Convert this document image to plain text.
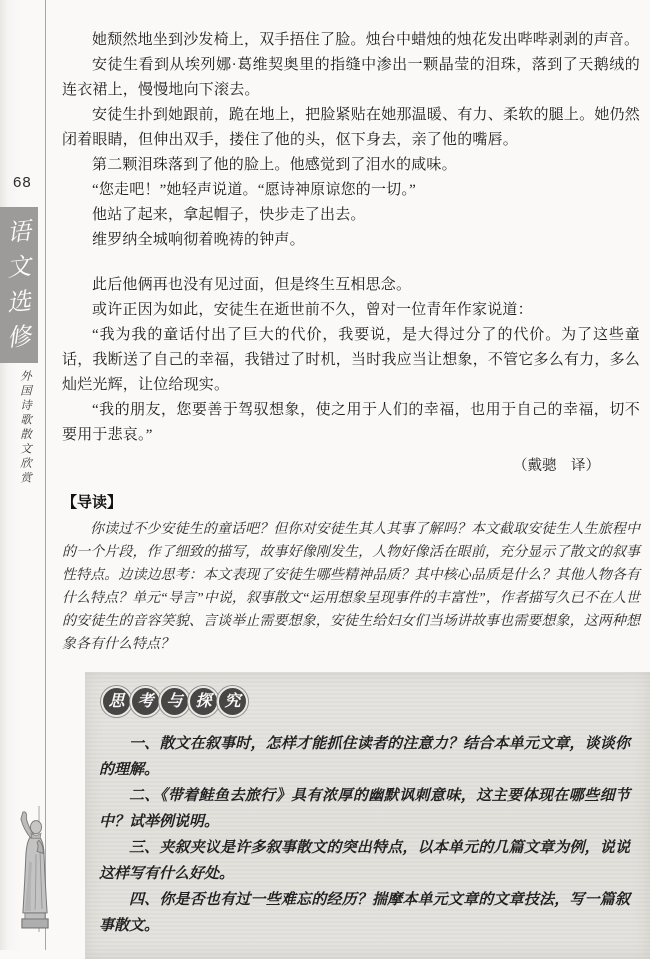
68
语
文
选
修
外国诗歌散文欣赏

她颓然地坐到沙发椅上，双手捂住了脸。烛台中蜡烛的烛花发出哔哔剥剥的声音。

安徒生看到从埃列娜·葛维契奥里的指缝中渗出一颗晶莹的泪珠，落到了天鹅绒的连衣裙上，慢慢地向下滚去。

安徒生扑到她跟前，跪在地上，把脸紧贴在她那温暖、有力、柔软的腿上。她仍然闭着眼睛，但伸出双手，搂住了他的头，伛下身去，亲了他的嘴唇。

第二颗泪珠落到了他的脸上。他感觉到了泪水的咸味。

“您走吧！”她轻声说道。“愿诗神原谅您的一切。”

他站了起来，拿起帽子，快步走了出去。

维罗纳全城响彻着晚祷的钟声。

此后他俩再也没有见过面，但是终生互相思念。

或许正因为如此，安徒生在逝世前不久，曾对一位青年作家说道：

“我为我的童话付出了巨大的代价，我要说，是大得过分了的代价。为了这些童话，我断送了自己的幸福，我错过了时机，当时我应当让想象，不管它多么有力，多么灿烂光辉，让位给现实。

“我的朋友，您要善于驾驭想象，使之用于人们的幸福，也用于自己的幸福，切不要用于悲哀。”

（戴骢　译）

【导读】

你读过不少安徒生的童话吧？但你对安徒生其人其事了解吗？本文截取安徒生人生旅程中的一个片段，作了细致的描写，故事好像刚发生，人物好像活在眼前，充分显示了散文的叙事性特点。边读边思考：本文表现了安徒生哪些精神品质？其中核心品质是什么？其他人物各有什么特点？单元“导言”中说，叙事散文“运用想象呈现事件的丰富性”，作者描写久已不在人世的安徒生的音容笑貌、言谈举止需要想象，安徒生给妇女们当场讲故事也需要想象，这两种想象各有什么特点？

思 考 与 探 究

一、散文在叙事时，怎样才能抓住读者的注意力？结合本单元文章，谈谈你的理解。

二、《带着鲑鱼去旅行》具有浓厚的幽默讽刺意味，这主要体现在哪些细节中？试举例说明。

三、夹叙夹议是许多叙事散文的突出特点，以本单元的几篇文章为例，说说这样写有什么好处。

四、你是否也有过一些难忘的经历？揣摩本单元文章的文章技法，写一篇叙事散文。
